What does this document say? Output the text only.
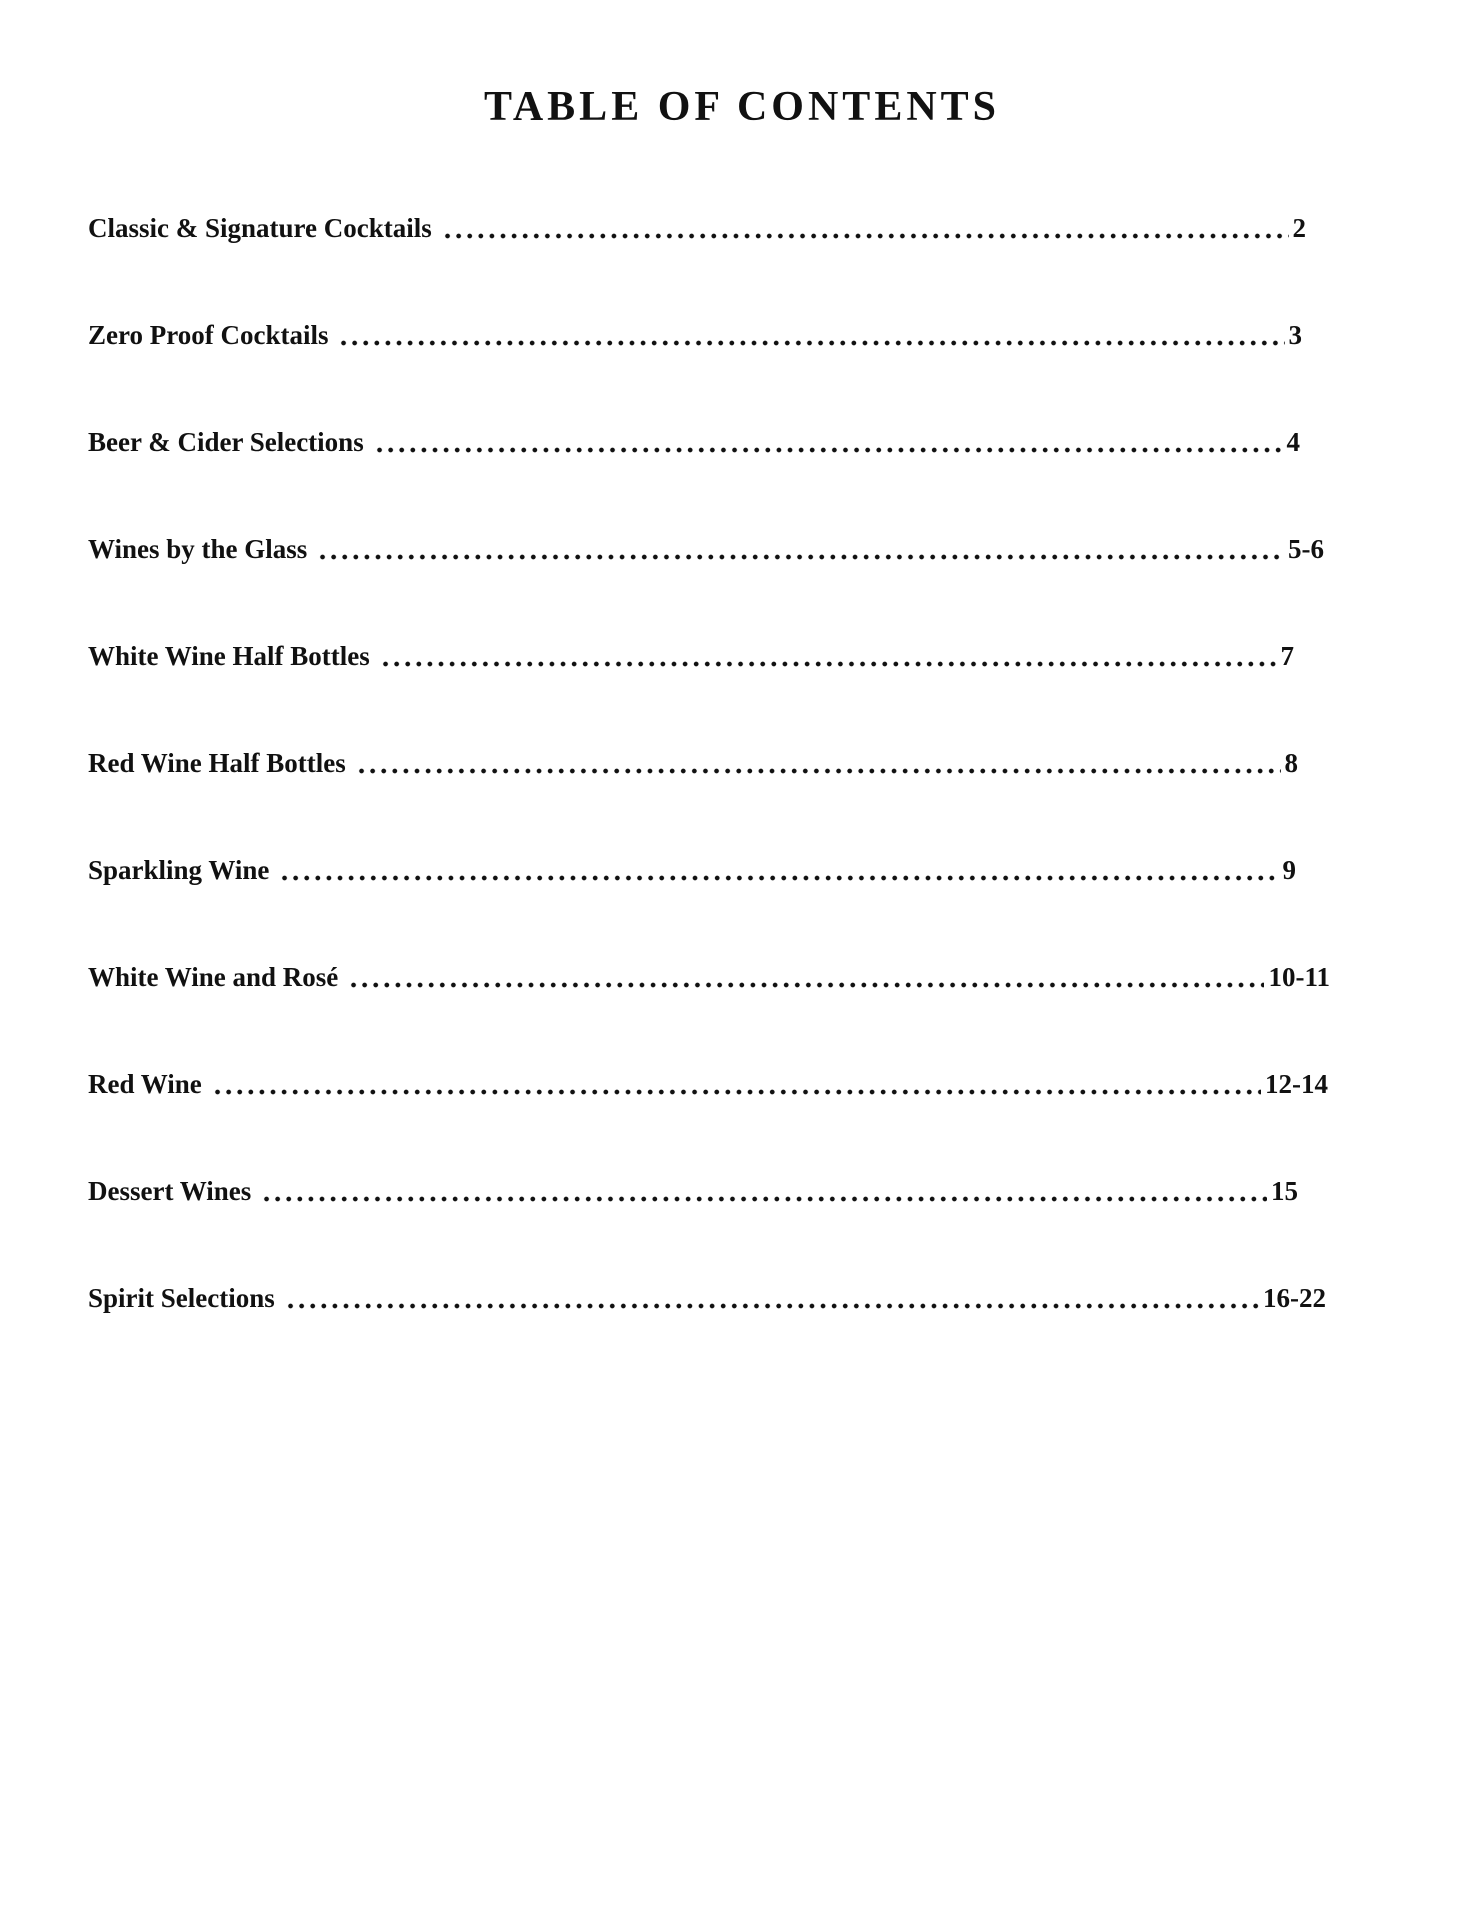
TABLE OF CONTENTS
Classic & Signature Cocktails	2
Zero Proof Cocktails	3
Beer & Cider Selections	4
Wines by the Glass	5-6
White Wine Half Bottles	7
Red Wine Half Bottles	8
Sparkling Wine	9
White Wine and Rosé	10-11
Red Wine	12-14
Dessert Wines	15
Spirit Selections	16-22
